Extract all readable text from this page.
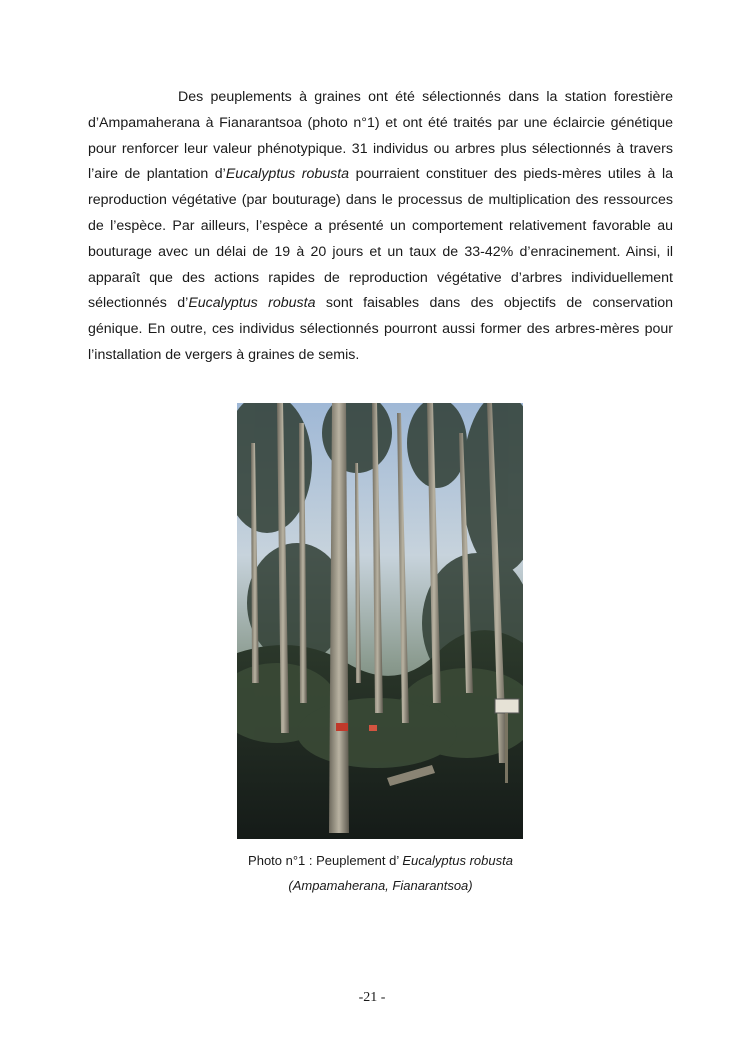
Des peuplements à graines ont été sélectionnés dans la station forestière d’Ampamaherana à Fianarantsoa (photo n°1) et ont été traités par une éclaircie génétique pour renforcer leur valeur phénotypique. 31 individus ou arbres plus sélectionnés à travers l’aire de plantation d’Eucalyptus robusta pourraient constituer des pieds-mères utiles à la reproduction végétative (par bouturage) dans le processus de multiplication des ressources de l’espèce. Par ailleurs, l’espèce a présenté un comportement relativement favorable au bouturage avec un délai de 19 à 20 jours et un taux de 33-42% d’enracinement. Ainsi, il apparaît que des actions rapides de reproduction végétative d’arbres individuellement sélectionnés d’Eucalyptus robusta sont faisables dans des objectifs de conservation génique. En outre, ces individus sélectionnés pourront aussi former des arbres-mères pour l’installation de vergers à graines de semis.

Photo n°1 : Peuplement d’ Eucalyptus robusta
(Ampamaherana, Fianarantsoa)
-21 -
